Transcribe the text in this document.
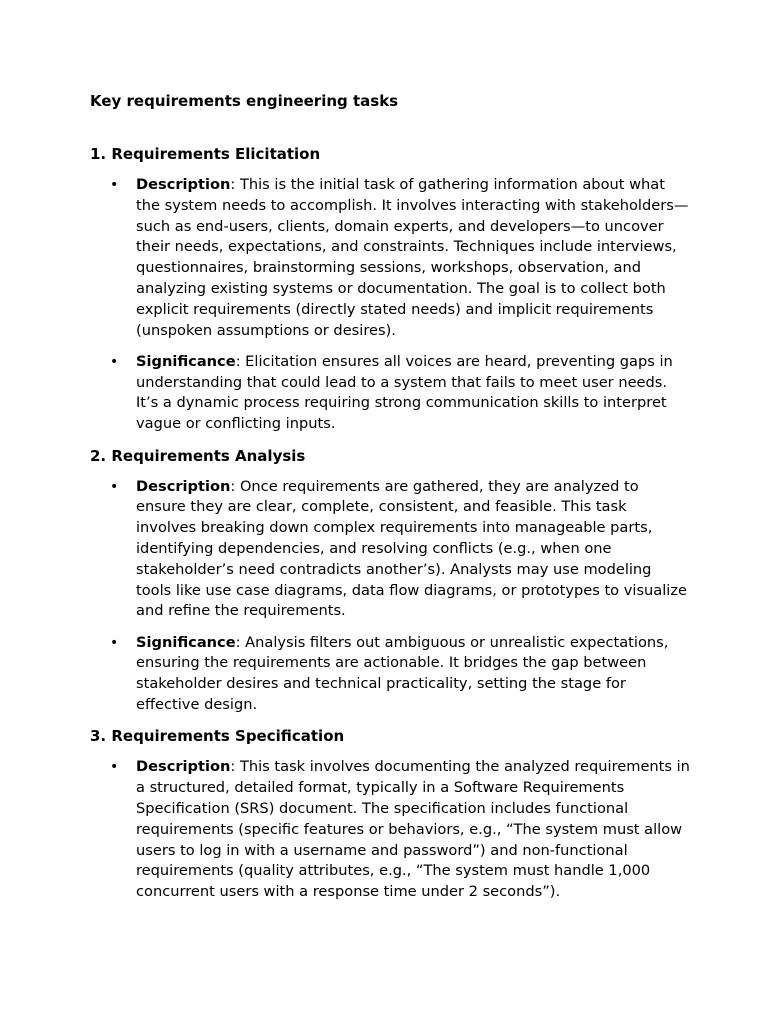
Key requirements engineering tasks
1. Requirements Elicitation
• Description: This is the initial task of gathering information about what the system needs to accomplish. It involves interacting with stakeholders—such as end-users, clients, domain experts, and developers—to uncover their needs, expectations, and constraints. Techniques include interviews, questionnaires, brainstorming sessions, workshops, observation, and analyzing existing systems or documentation. The goal is to collect both explicit requirements (directly stated needs) and implicit requirements (unspoken assumptions or desires).
• Significance: Elicitation ensures all voices are heard, preventing gaps in understanding that could lead to a system that fails to meet user needs. It’s a dynamic process requiring strong communication skills to interpret vague or conflicting inputs.
2. Requirements Analysis
• Description: Once requirements are gathered, they are analyzed to ensure they are clear, complete, consistent, and feasible. This task involves breaking down complex requirements into manageable parts, identifying dependencies, and resolving conflicts (e.g., when one stakeholder’s need contradicts another’s). Analysts may use modeling tools like use case diagrams, data flow diagrams, or prototypes to visualize and refine the requirements.
• Significance: Analysis filters out ambiguous or unrealistic expectations, ensuring the requirements are actionable. It bridges the gap between stakeholder desires and technical practicality, setting the stage for effective design.
3. Requirements Specification
• Description: This task involves documenting the analyzed requirements in a structured, detailed format, typically in a Software Requirements Specification (SRS) document. The specification includes functional requirements (specific features or behaviors, e.g., “The system must allow users to log in with a username and password”) and non-functional requirements (quality attributes, e.g., “The system must handle 1,000 concurrent users with a response time under 2 seconds”).
